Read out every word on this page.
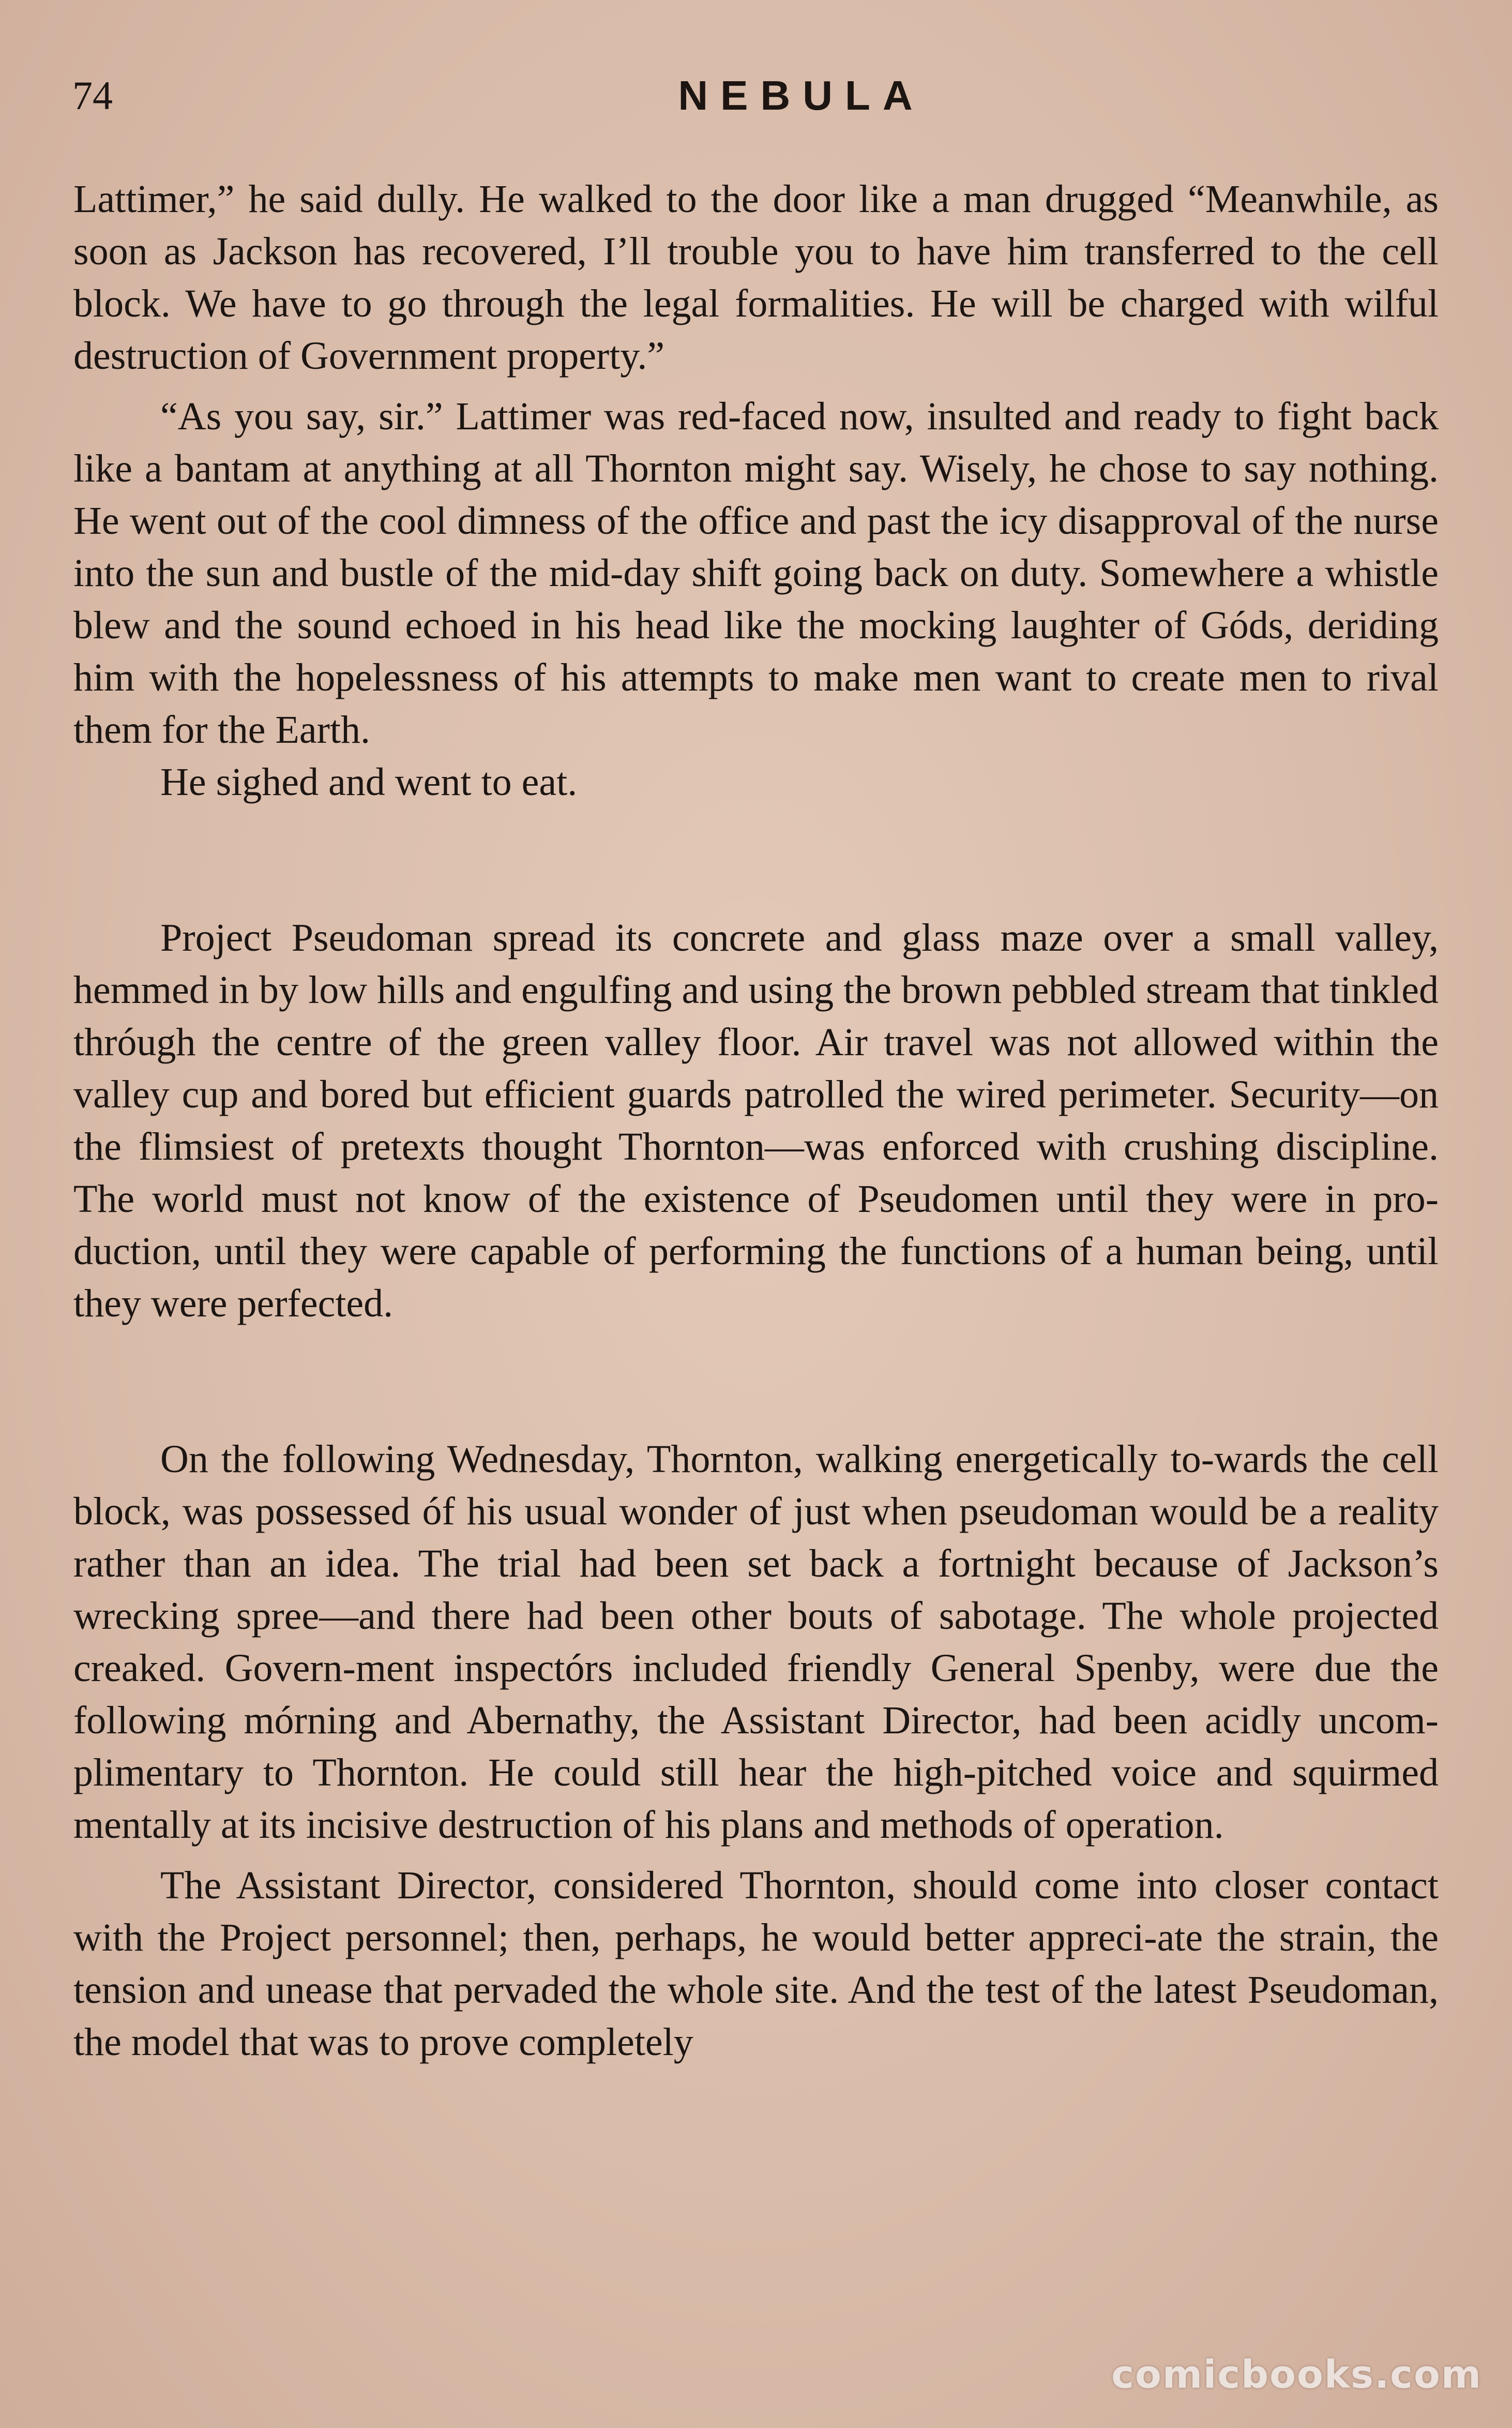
74	NEBULA

Lattimer,” he said dully. He walked to the door like a man drugged “Meanwhile, as soon as Jackson has recovered, I’ll trouble you to have him transferred to the cell block. We have to go through the legal formalities. He will be charged with wilful destruction of Government property.”

“As you say, sir.” Lattimer was red-faced now, insulted and ready to fight back like a bantam at anything at all Thornton might say. Wisely, he chose to say nothing. He went out of the cool dimness of the office and past the icy disapproval of the nurse into the sun and bustle of the mid-day shift going back on duty. Somewhere a whistle blew and the sound echoed in his head like the mocking laughter of Góds, deriding him with the hopelessness of his attempts to make men want to create men to rival them for the Earth.

He sighed and went to eat.

Project Pseudoman spread its concrete and glass maze over a small valley, hemmed in by low hills and engulfing and using the brown pebbled stream that tinkled thróugh the centre of the green valley floor. Air travel was not allowed within the valley cup and bored but efficient guards patrolled the wired perimeter. Security—on the flimsiest of pretexts thought Thornton—was enforced with crushing discipline. The world must not know of the existence of Pseudomen until they were in pro-duction, until they were capable of performing the functions of a human being, until they were perfected.

On the following Wednesday, Thornton, walking energetically to-wards the cell block, was possessed óf his usual wonder of just when pseudoman would be a reality rather than an idea. The trial had been set back a fortnight because of Jackson’s wrecking spree—and there had been other bouts of sabotage. The whole projected creaked. Govern-ment inspectórs included friendly General Spenby, were due the following mórning and Abernathy, the Assistant Director, had been acidly uncom-plimentary to Thornton. He could still hear the high-pitched voice and squirmed mentally at its incisive destruction of his plans and methods of operation.

The Assistant Director, considered Thornton, should come into closer contact with the Project personnel; then, perhaps, he would better appreci-ate the strain, the tension and unease that pervaded the whole site. And the test of the latest Pseudoman, the model that was to prove completely

comicbooks.com
